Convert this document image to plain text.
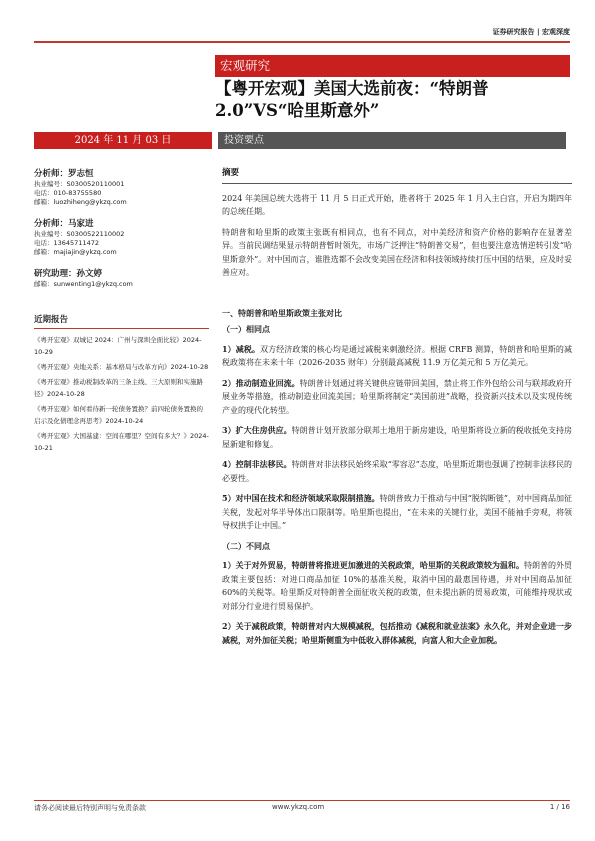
证券研究报告 | 宏观深度
宏观研究
【粤开宏观】美国大选前夜：“特朗普2.0”VS“哈里斯意外”
2024 年 11 月 03 日	投资要点
分析师：罗志恒
执业编号：S0300520110001
电话：010-83755580
邮箱：luozhiheng@ykzq.com
分析师：马家进
执业编号：S0300522110002
电话：13645711472
邮箱：majiajin@ykzq.com
研究助理：孙文婷
邮箱：sunwenting1@ykzq.com
近期报告
《粤开宏观》双城记 2024：广州与深圳全面比较》2024-10-29
《粤开宏观》央地关系：基本格局与改革方向》2024-10-28
《粤开宏观》推动税制改革的三条主线、三大原则和实施路径》2024-10-28
《粤开宏观》如何看待新一轮债务置换？前四轮债务置换的启示及化债理念再思考》2024-10-24
《粤开宏观》大国基建：空间在哪里？空间有多大？》2024-10-21
摘要

2024 年美国总统大选将于 11 月 5 日正式开始，胜者将于 2025 年 1 月入主白宫，开启为期四年的总统任期。

特朗普和哈里斯的政策主张既有相同点，也有不同点，对中美经济和资产价格的影响存在显著差异。当前民调结果显示特朗普暂时领先，市场广泛押注“特朗普交易”，但也要注意选情逆转引发“哈里斯意外”。对中国而言，谁胜选都不会改变美国在经济和科技领域持续打压中国的结果，应及时妥善应对。

一、特朗普和哈里斯政策主张对比
（一）相同点

1）减税。双方经济政策的核心均是通过减税来刺激经济。根据 CRFB 测算，特朗普和哈里斯的减税政策将在未来十年（2026-2035 财年）分别最高减税 11.9 万亿美元和 5 万亿美元。

2）推动制造业回流。特朗普计划通过将关键供应链带回美国，禁止将工作外包给公司与联邦政府开展业务等措施，推动制造业回流美国；哈里斯将制定“美国前进”战略，投资新兴技术以及实现传统产业的现代化转型。

3）扩大住房供应。特朗普计划开放部分联邦土地用于新房建设，哈里斯将设立新的税收抵免支持房屋新建和修复。

4）控制非法移民。特朗普对非法移民始终采取“零容忍”态度，哈里斯近期也强调了控制非法移民的必要性。

5）对中国在技术和经济领域采取限制措施。特朗普致力于推动与中国“脱钩断链”，对中国商品加征关税，发起对华半导体出口限制等。哈里斯也提出，“在未来的关键行业，美国不能袖手旁观，将领导权拱手让中国。”

（二）不同点

1）关于对外贸易，特朗普将推进更加激进的关税政策，哈里斯的关税政策较为温和。特朗普的外贸政策主要包括：对进口商品加征 10%的基准关税，取消中国的最惠国待遇，并对中国商品加征 60%的关税等。哈里斯反对特朗普全面征收关税的政策，但未提出新的贸易政策，可能维持现状或对部分行业进行贸易保护。

2）关于减税政策，特朗普对内大规模减税，包括推动《减税和就业法案》永久化，并对企业进一步减税，对外加征关税；哈里斯侧重为中低收入群体减税，向富人和大企业加税。

请务必阅读最后特别声明与免责条款	www.ykzq.com	1 / 16
